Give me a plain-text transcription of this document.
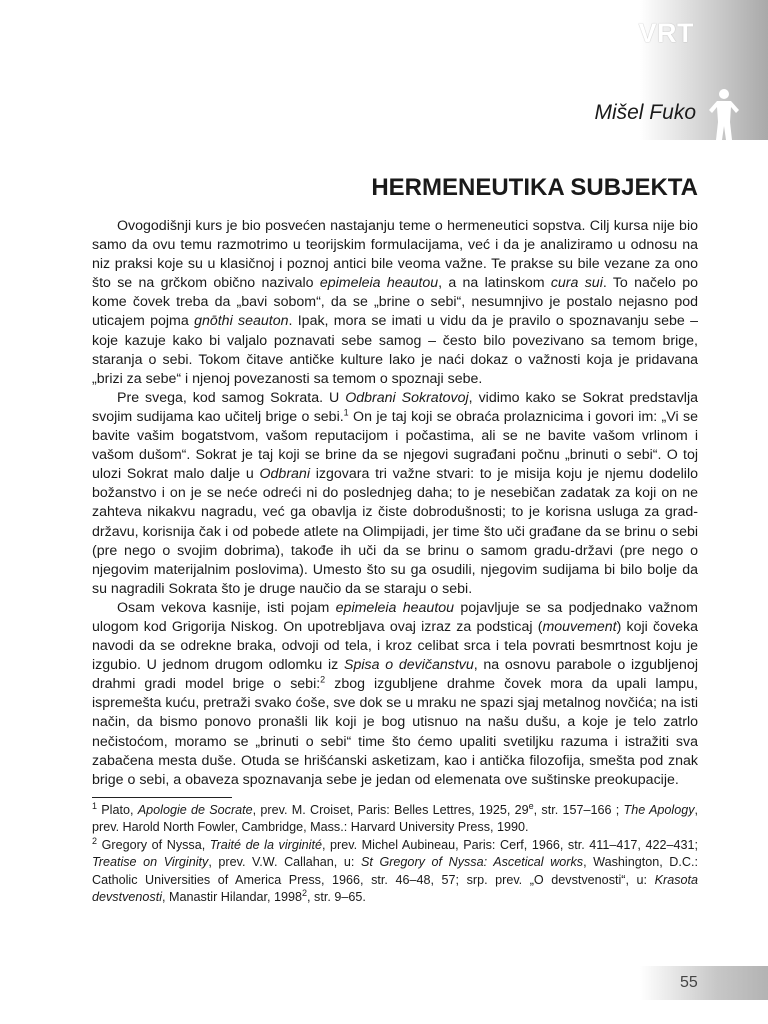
VRT
Mišel Fuko
HERMENEUTIKA SUBJEKTA

Ovogodišnji kurs je bio posvećen nastajanju teme o hermeneutici sopstva. Cilj kursa nije bio samo da ovu temu razmotrimo u teorijskim formulacijama, već i da je analiziramo u odnosu na niz praksi koje su u klasičnoj i poznoj antici bile veoma važne. Te prakse su bile vezane za ono što se na grčkom obično nazivalo epimeleia heautou, a na latinskom cura sui. To načelo po kome čovek treba da „bavi sobom“, da se „brine o sebi“, nesumnjivo je postalo nejasno pod uticajem pojma gnōthi seauton. Ipak, mora se imati u vidu da je pravilo o spoznavanju sebe – koje kazuje kako bi valjalo poznavati sebe samog – često bilo povezivano sa temom brige, staranja o sebi. Tokom čitave antičke kulture lako je naći dokaz o važnosti koja je pridavana „brizi za sebe“ i njenoj povezanosti sa temom o spoznaji sebe.

Pre svega, kod samog Sokrata. U Odbrani Sokratovoj, vidimo kako se Sokrat predstavlja svojim sudijama kao učitelj brige o sebi.$^1$ On je taj koji se obraća prolaznicima i govori im: „Vi se bavite vašim bogatstvom, vašom reputacijom i počastima, ali se ne bavite vašom vrlinom i vašom dušom“. Sokrat je taj koji se brine da se njegovi sugrađani počnu „brinuti o sebi“. O toj ulozi Sokrat malo dalje u Odbrani izgovara tri važne stvari: to je misija koju je njemu dodelilo božanstvo i on je se neće odreći ni do poslednjeg daha; to je nesebičan zadatak za koji on ne zahteva nikakvu nagradu, već ga obavlja iz čiste dobrodušnosti; to je korisna usluga za grad-državu, korisnija čak i od pobede atlete na Olimpijadi, jer time što uči građane da se brinu o sebi (pre nego o svojim dobrima), takođe ih uči da se brinu o samom gradu-državi (pre nego o njegovim materijalnim poslovima). Umesto što su ga osudili, njegovim sudijama bi bilo bolje da su nagradili Sokrata što je druge naučio da se staraju o sebi.

Osam vekova kasnije, isti pojam epimeleia heautou pojavljuje se sa podjednako važnom ulogom kod Grigorija Niskog. On upotrebljava ovaj izraz za podsticaj (mouvement) koji čoveka navodi da se odrekne braka, odvoji od tela, i kroz celibat srca i tela povrati besmrtnost koju je izgubio. U jednom drugom odlomku iz Spisa o devičanstvu, na osnovu parabole o izgubljenoj drahmi gradi model brige o sebi:$^2$ zbog izgubljene drahme čovek mora da upali lampu, ispremešta kuću, pretraži svako ćoše, sve dok se u mraku ne spazi sjaj metalnog novčića; na isti način, da bismo ponovo pronašli lik koji je bog utisnuo na našu dušu, a koje je telo zatrlo nečistoćom, moramo se „brinuti o sebi“ time što ćemo upaliti svetiljku razuma i istražiti sva zabačena mesta duše. Otuda se hrišćanski asketizam, kao i antička filozofija, smešta pod znak brige o sebi, a obaveza spoznavanja sebe je jedan od elemenata ove suštinske preokupacije.

$^1$ Plato, Apologie de Socrate, prev. M. Croiset, Paris: Belles Lettres, 1925, 29e, str. 157–166 ; The Apology, prev. Harold North Fowler, Cambridge, Mass.: Harvard University Press, 1990.

$^2$ Gregory of Nyssa, Traité de la virginité, prev. Michel Aubineau, Paris: Cerf, 1966, str. 411–417, 422–431; Treatise on Virginity, prev. V.W. Callahan, u: St Gregory of Nyssa: Ascetical works, Washington, D.C.: Catholic Universities of America Press, 1966, str. 46–48, 57; srp. prev. „O devstvenosti“, u: Krasota devstvenosti, Manastir Hilandar, 1998$^2$, str. 9–65.

55
